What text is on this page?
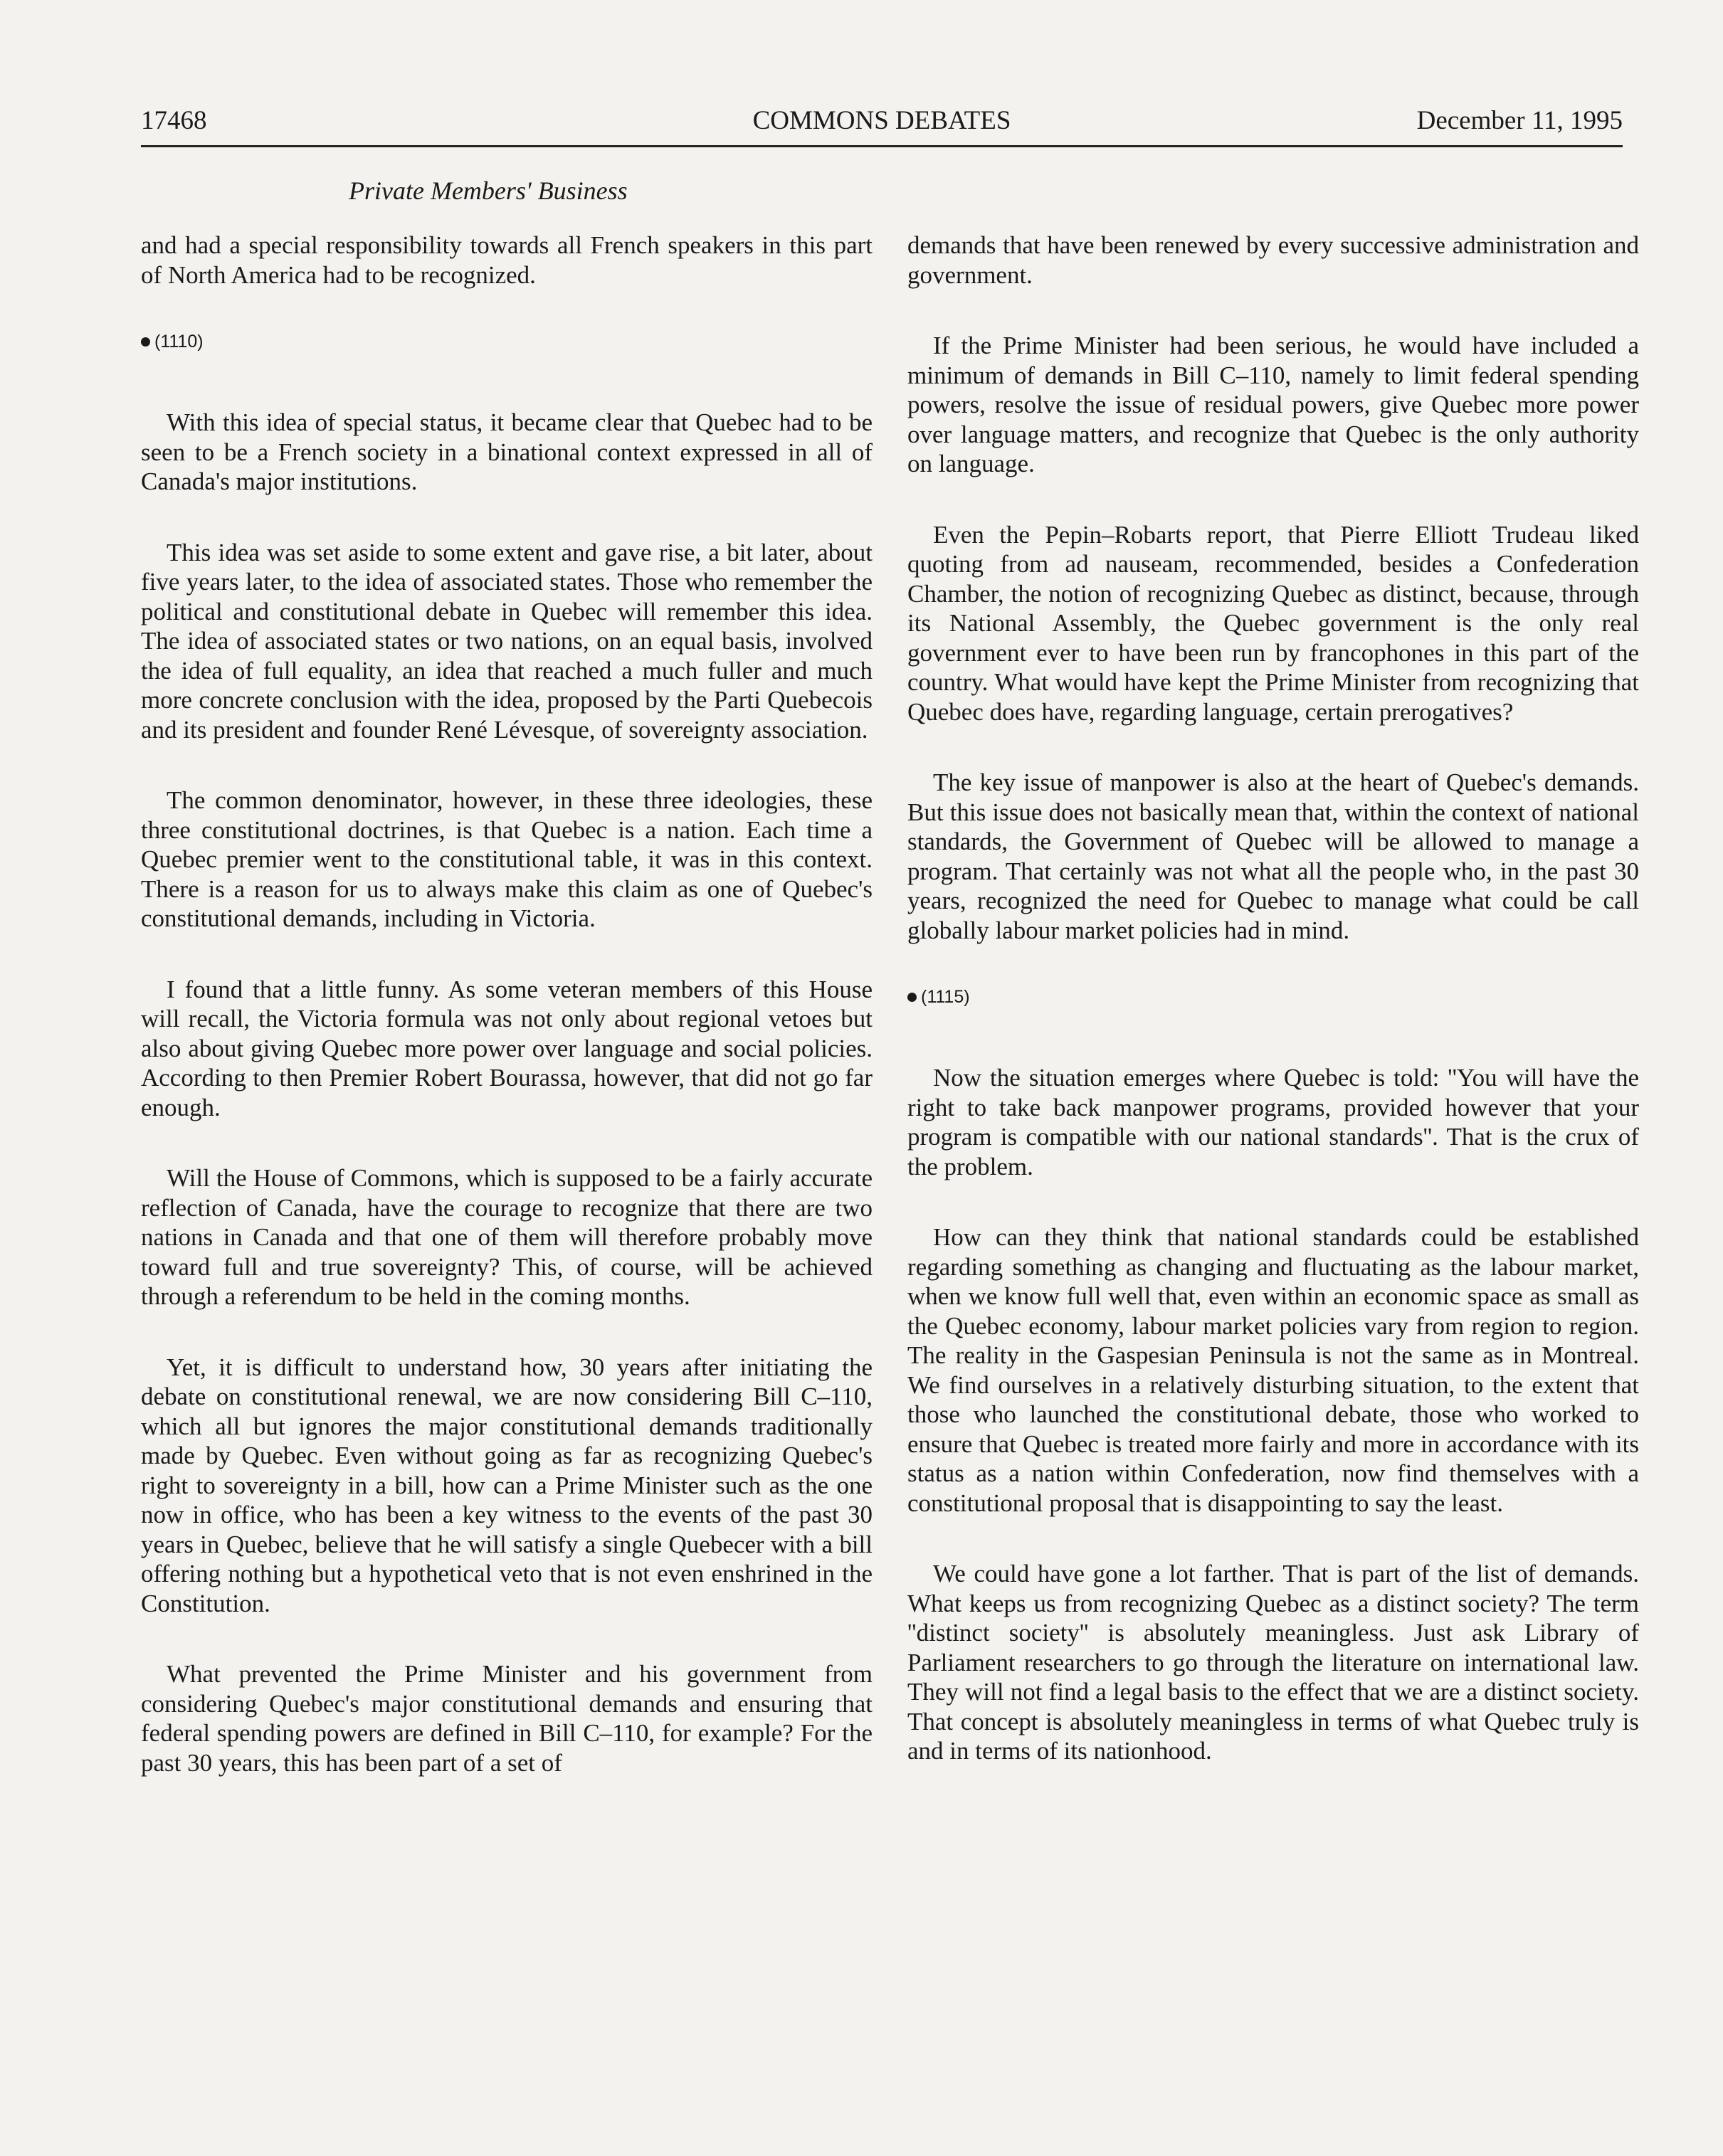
17468	COMMONS DEBATES	December 11, 1995
Private Members' Business

and had a special responsibility towards all French speakers in this part of North America had to be recognized.

(1110)

With this idea of special status, it became clear that Quebec had to be seen to be a French society in a binational context expressed in all of Canada's major institutions.

This idea was set aside to some extent and gave rise, a bit later, about five years later, to the idea of associated states. Those who remember the political and constitutional debate in Quebec will remember this idea. The idea of associated states or two nations, on an equal basis, involved the idea of full equality, an idea that reached a much fuller and much more concrete conclusion with the idea, proposed by the Parti Quebecois and its president and founder René Lévesque, of sovereignty association.

The common denominator, however, in these three ideologies, these three constitutional doctrines, is that Quebec is a nation. Each time a Quebec premier went to the constitutional table, it was in this context. There is a reason for us to always make this claim as one of Quebec's constitutional demands, including in Victoria.

I found that a little funny. As some veteran members of this House will recall, the Victoria formula was not only about regional vetoes but also about giving Quebec more power over language and social policies. According to then Premier Robert Bourassa, however, that did not go far enough.

Will the House of Commons, which is supposed to be a fairly accurate reflection of Canada, have the courage to recognize that there are two nations in Canada and that one of them will therefore probably move toward full and true sovereignty? This, of course, will be achieved through a referendum to be held in the coming months.

Yet, it is difficult to understand how, 30 years after initiating the debate on constitutional renewal, we are now considering Bill C–110, which all but ignores the major constitutional demands traditionally made by Quebec. Even without going as far as recognizing Quebec's right to sovereignty in a bill, how can a Prime Minister such as the one now in office, who has been a key witness to the events of the past 30 years in Quebec, believe that he will satisfy a single Quebecer with a bill offering nothing but a hypothetical veto that is not even enshrined in the Constitution.

What prevented the Prime Minister and his government from considering Quebec's major constitutional demands and ensuring that federal spending powers are defined in Bill C–110, for example? For the past 30 years, this has been part of a set of

demands that have been renewed by every successive administration and government.

If the Prime Minister had been serious, he would have included a minimum of demands in Bill C–110, namely to limit federal spending powers, resolve the issue of residual powers, give Quebec more power over language matters, and recognize that Quebec is the only authority on language.

Even the Pepin–Robarts report, that Pierre Elliott Trudeau liked quoting from ad nauseam, recommended, besides a Confederation Chamber, the notion of recognizing Quebec as distinct, because, through its National Assembly, the Quebec government is the only real government ever to have been run by francophones in this part of the country. What would have kept the Prime Minister from recognizing that Quebec does have, regarding language, certain prerogatives?

The key issue of manpower is also at the heart of Quebec's demands. But this issue does not basically mean that, within the context of national standards, the Government of Quebec will be allowed to manage a program. That certainly was not what all the people who, in the past 30 years, recognized the need for Quebec to manage what could be call globally labour market policies had in mind.

(1115)

Now the situation emerges where Quebec is told: ''You will have the right to take back manpower programs, provided however that your program is compatible with our national standards''. That is the crux of the problem.

How can they think that national standards could be established regarding something as changing and fluctuating as the labour market, when we know full well that, even within an economic space as small as the Quebec economy, labour market policies vary from region to region. The reality in the Gaspesian Peninsula is not the same as in Montreal. We find ourselves in a relatively disturbing situation, to the extent that those who launched the constitutional debate, those who worked to ensure that Quebec is treated more fairly and more in accordance with its status as a nation within Confederation, now find themselves with a constitutional proposal that is disappointing to say the least.

We could have gone a lot farther. That is part of the list of demands. What keeps us from recognizing Quebec as a distinct society? The term ''distinct society'' is absolutely meaningless. Just ask Library of Parliament researchers to go through the literature on international law. They will not find a legal basis to the effect that we are a distinct society. That concept is absolutely meaningless in terms of what Quebec truly is and in terms of its nationhood.
